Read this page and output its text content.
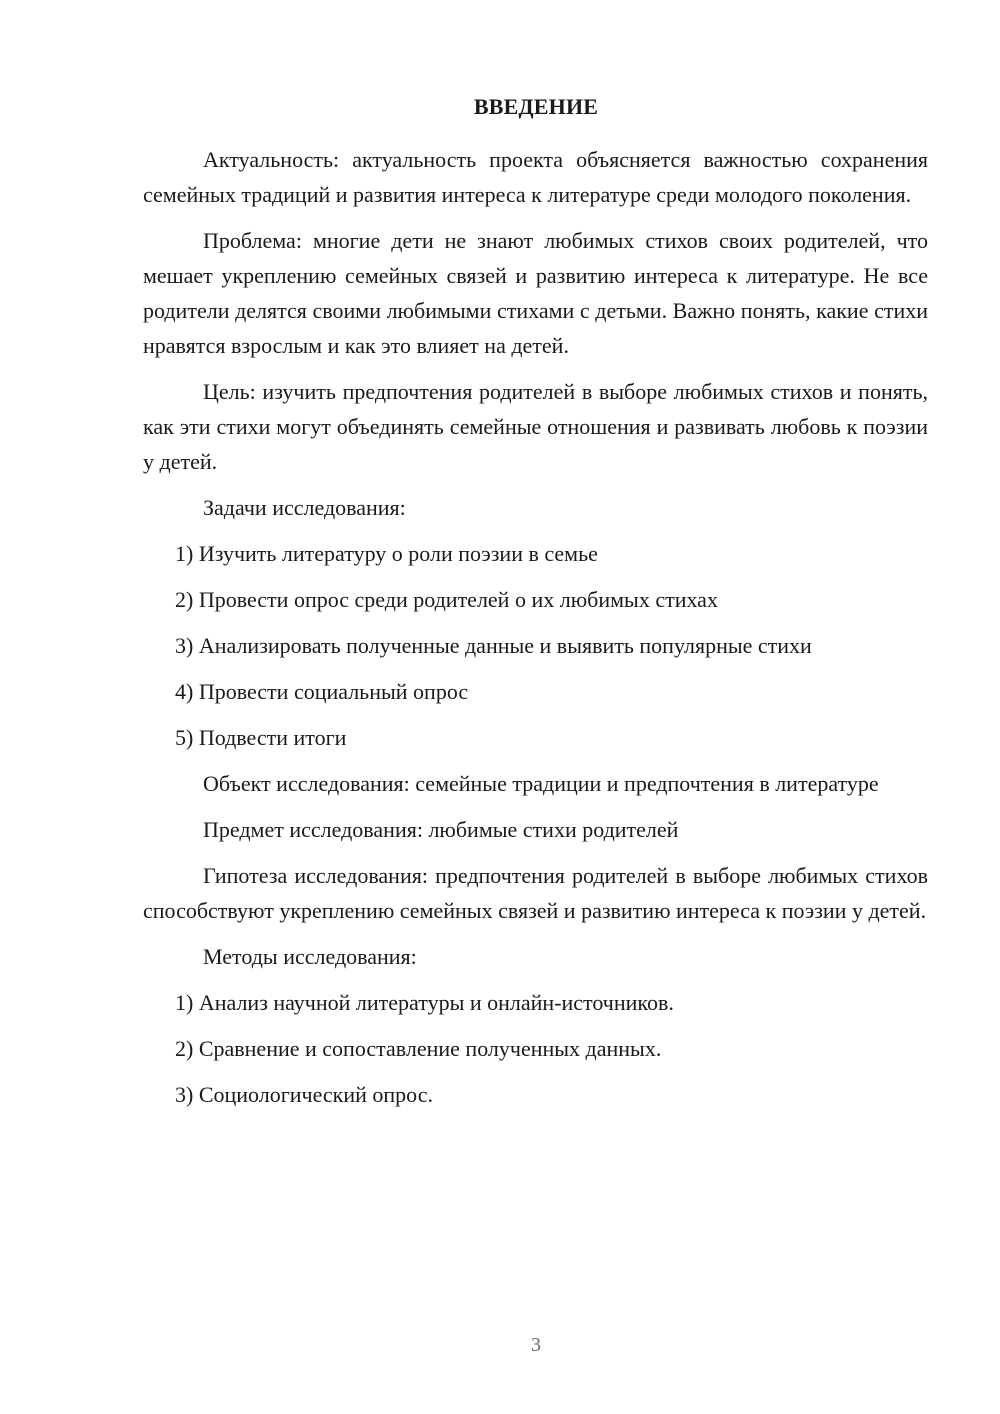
ВВЕДЕНИЕ

Актуальность: актуальность проекта объясняется важностью сохранения семейных традиций и развития интереса к литературе среди молодого поколения.

Проблема: многие дети не знают любимых стихов своих родителей, что мешает укреплению семейных связей и развитию интереса к литературе. Не все родители делятся своими любимыми стихами с детьми. Важно понять, какие стихи нравятся взрослым и как это влияет на детей.

Цель: изучить предпочтения родителей в выборе любимых стихов и понять, как эти стихи могут объединять семейные отношения и развивать любовь к поэзии у детей.

Задачи исследования:

1) Изучить литературу о роли поэзии в семье

2) Провести опрос среди родителей о их любимых стихах

3) Анализировать полученные данные и выявить популярные стихи

4) Провести социальный опрос

5) Подвести итоги

Объект исследования: семейные традиции и предпочтения в литературе

Предмет исследования: любимые стихи родителей

Гипотеза исследования: предпочтения родителей в выборе любимых стихов способствуют укреплению семейных связей и развитию интереса к поэзии у детей.

Методы исследования:

1) Анализ научной литературы и онлайн-источников.

2) Сравнение и сопоставление полученных данных.

3) Социологический опрос.

3
